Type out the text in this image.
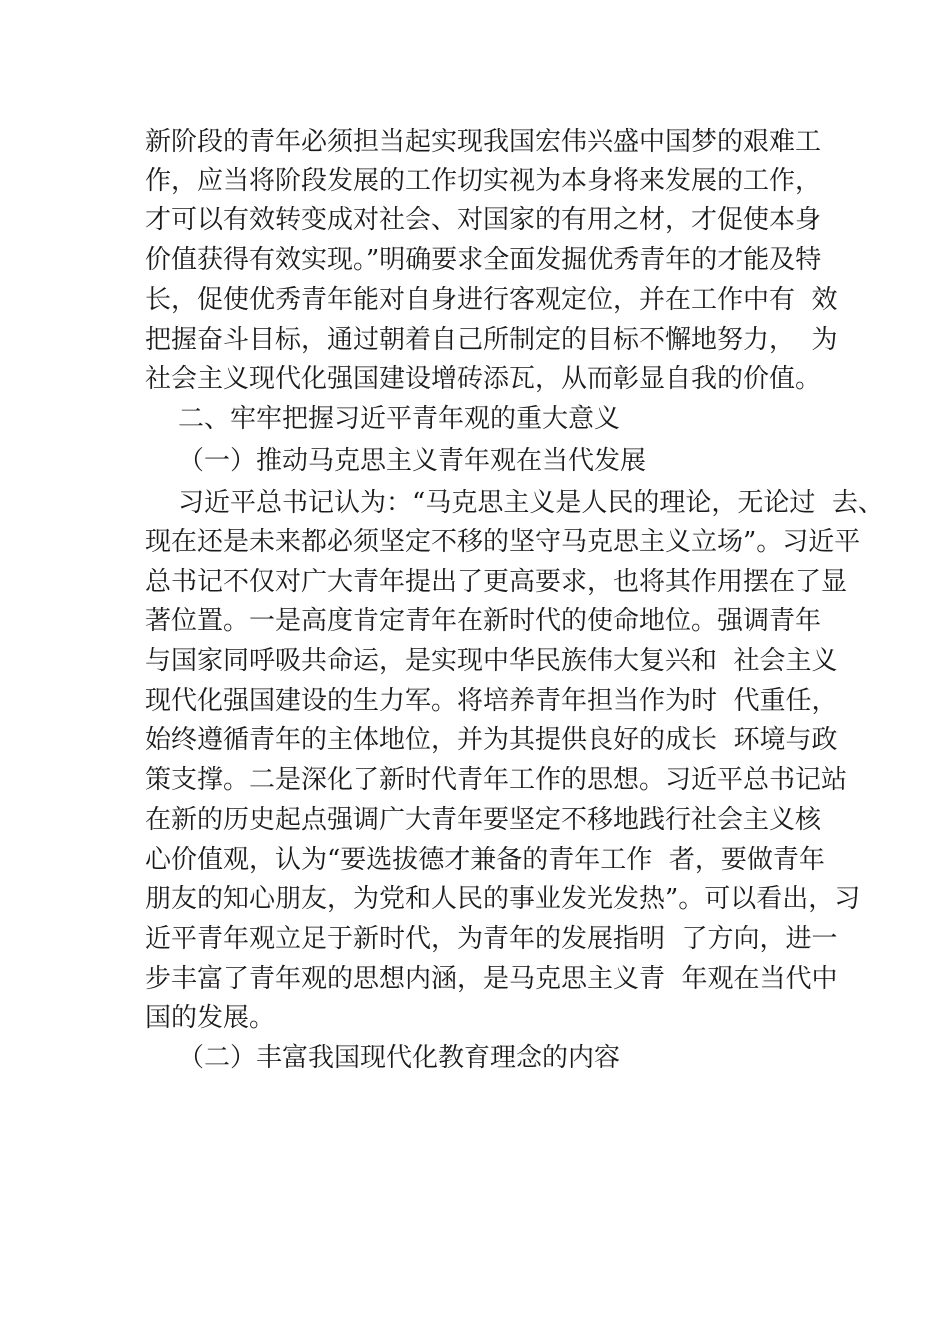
新阶段的青年必须担当起实现我国宏伟兴盛中国梦的艰难工
作，应当将阶段发展的工作切实视为本身将来发展的工作，
才可以有效转变成对社会、对国家的有用之材，才促使本身
价值获得有效实现。”明确要求全面发掘优秀青年的才能及特
长，促使优秀青年能对自身进行客观定位，并在工作中有  效
把握奋斗目标，通过朝着自己所制定的目标不懈地努力，  为
社会主义现代化强国建设增砖添瓦，从而彰显自我的价值。
二、牢牢把握习近平青年观的重大意义
（一）推动马克思主义青年观在当代发展
习近平总书记认为：“马克思主义是人民的理论，无论过  去、
现在还是未来都必须坚定不移的坚守马克思主义立场”。习近平
总书记不仅对广大青年提出了更高要求，也将其作用摆在了显
著位置。一是高度肯定青年在新时代的使命地位。强调青年
与国家同呼吸共命运，是实现中华民族伟大复兴和  社会主义
现代化强国建设的生力军。将培养青年担当作为时  代重任，
始终遵循青年的主体地位，并为其提供良好的成长  环境与政
策支撑。二是深化了新时代青年工作的思想。习近平总书记站
在新的历史起点强调广大青年要坚定不移地践行社会主义核
心价值观，认为“要选拔德才兼备的青年工作  者，要做青年
朋友的知心朋友，为党和人民的事业发光发热”。可以看出，习
近平青年观立足于新时代，为青年的发展指明  了方向，进一
步丰富了青年观的思想内涵，是马克思主义青  年观在当代中
国的发展。
（二）丰富我国现代化教育理念的内容
